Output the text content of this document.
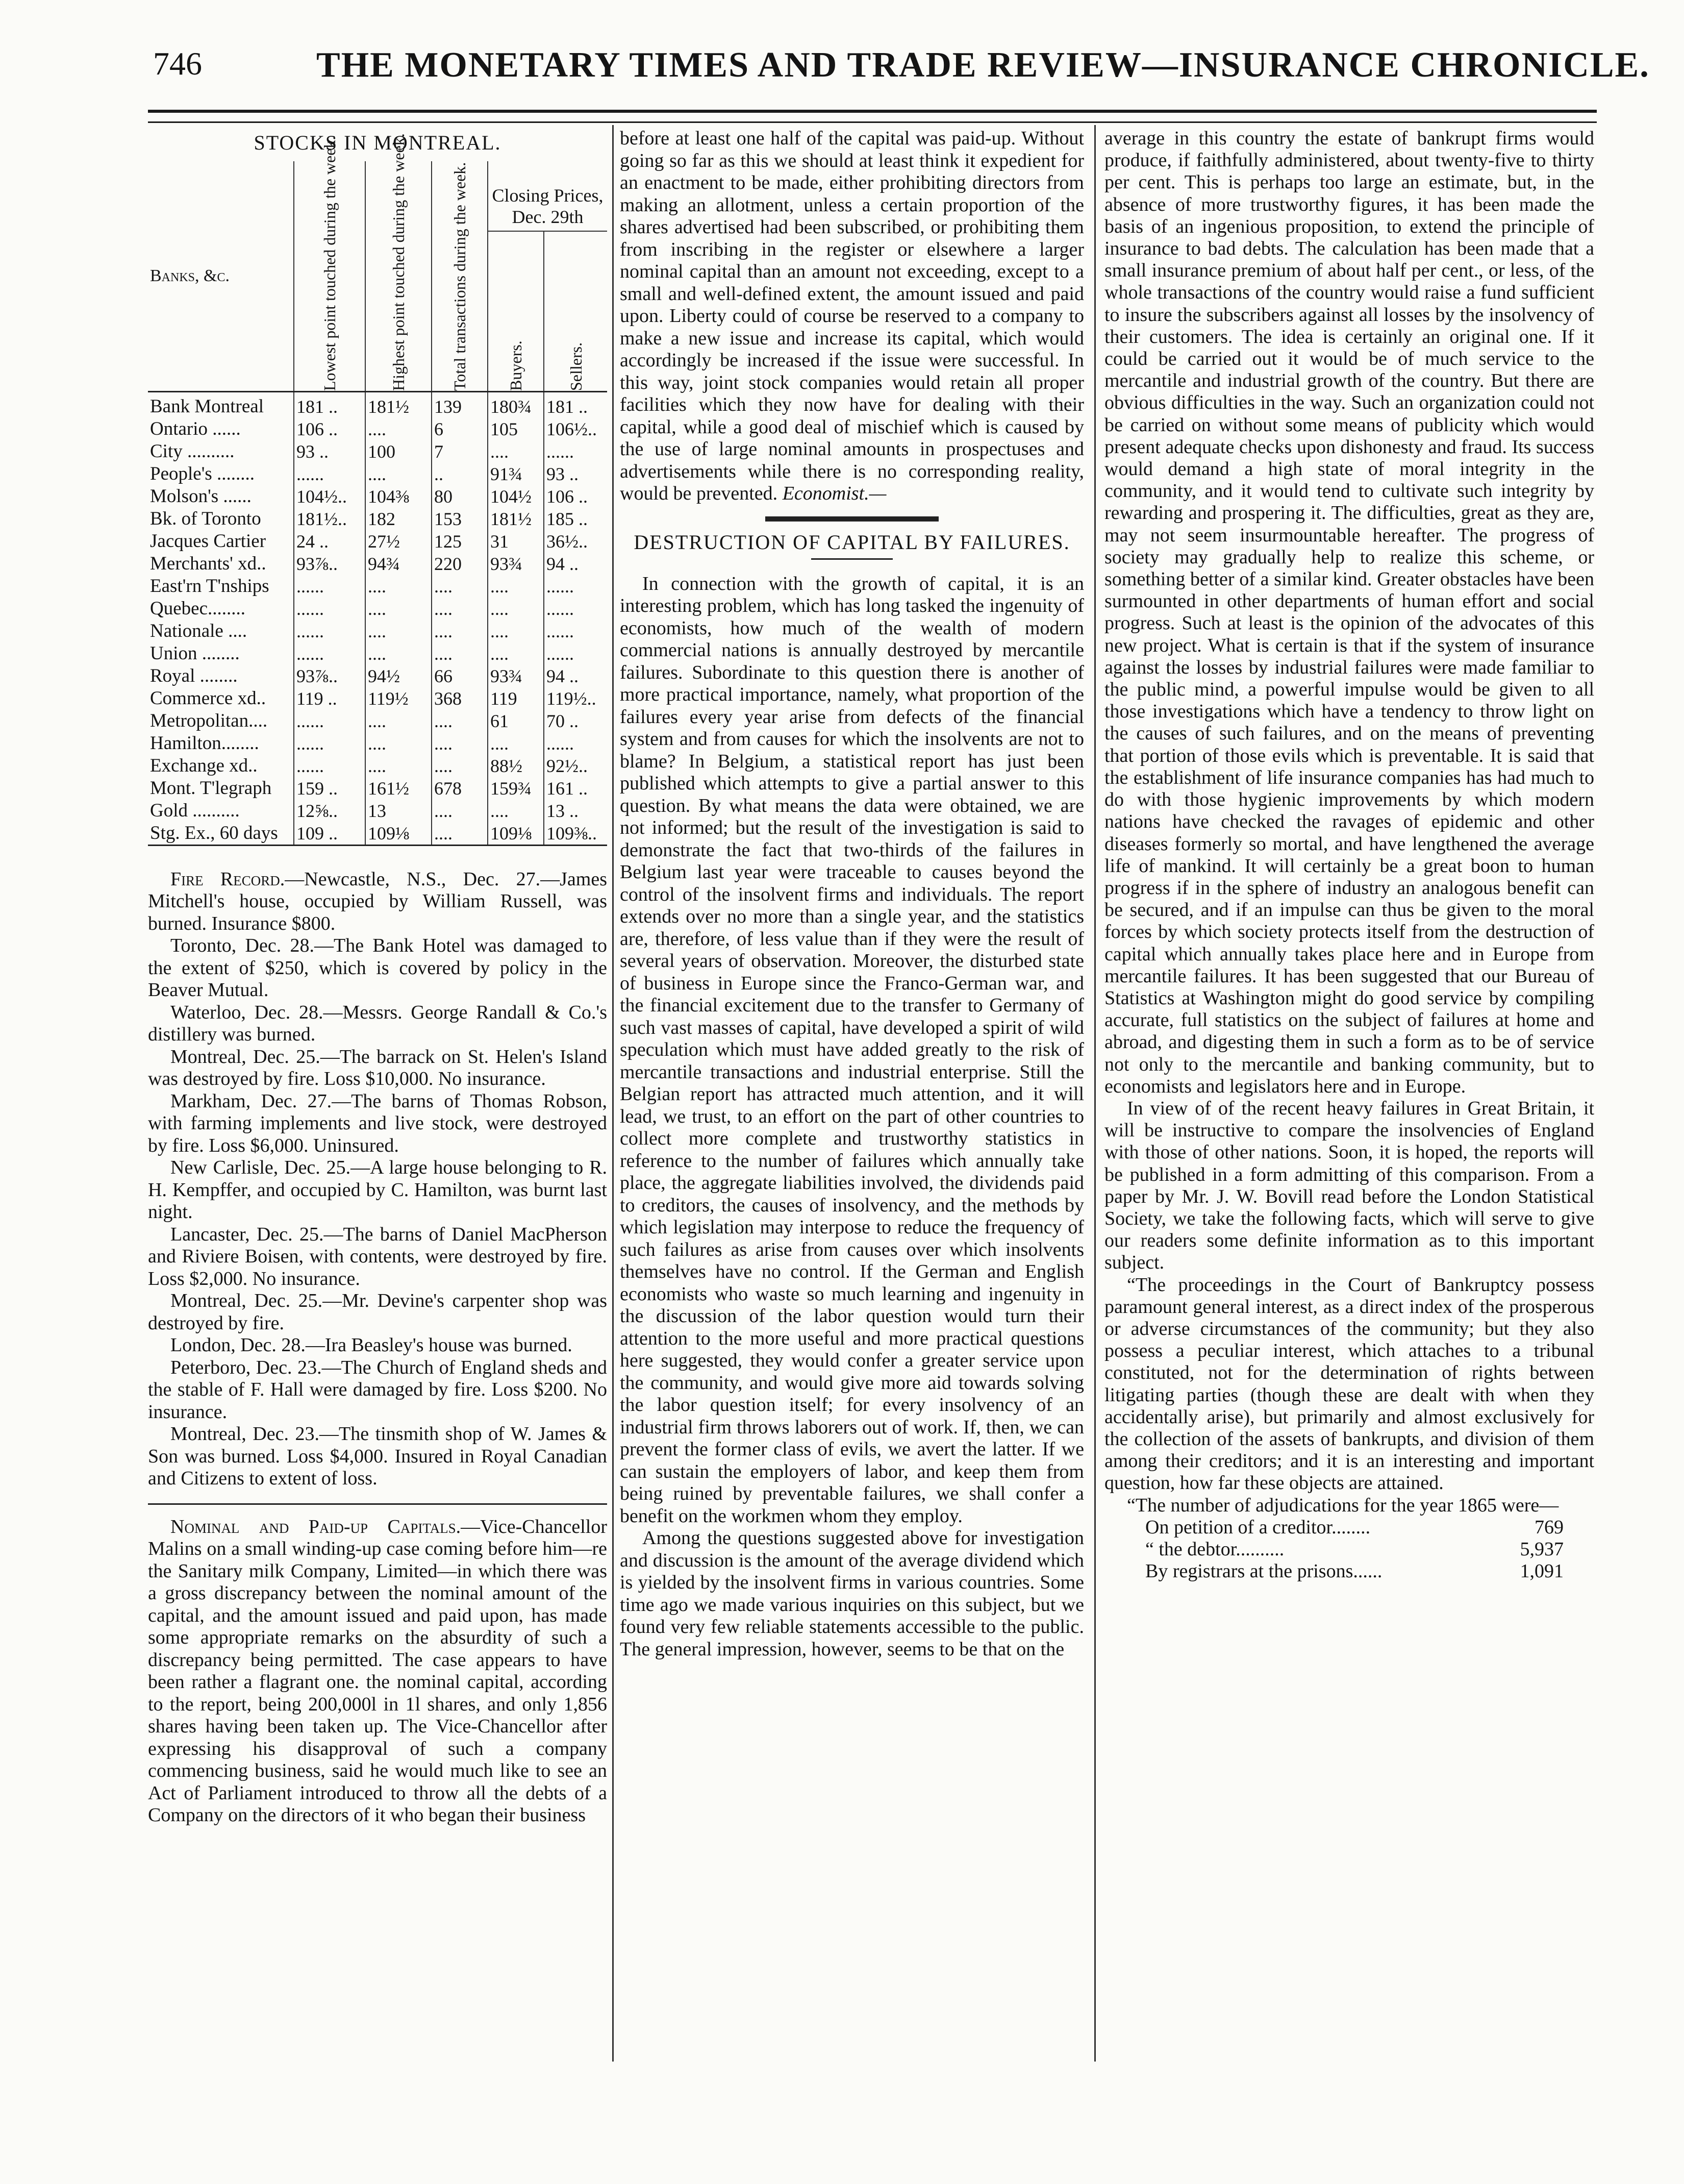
746	THE MONETARY TIMES AND TRADE REVIEW—INSURANCE CHRONICLE.
STOCKS IN MONTREAL.
Banks, &c.	Lowest point touched during the week.	Highest point touched during the week.	Total transactions during the week.	Closing Prices, Dec. 29th	

				Buyers.	Sellers.

Bank Montreal	181 ..	181½	139	180¾	181 ..
Ontario ......	106 ..	....	6	105	106½..
City ..........	93 ..	100	7	....	......
People's ........	......	....	..	91¾	93 ..
Molson's ......	104½..	104⅜	80	104½	106 ..
Bk. of Toronto	181½..	182	153	181½	185 ..
Jacques Cartier	24 ..	27½	125	31	36½..
Merchants' xd..	93⅞..	94¾	220	93¾	94 ..
East'rn T'nships	......	....	....	....	......
Quebec........	......	....	....	....	......
Nationale ....	......	....	....	....	......
Union ........	......	....	....	....	......
Royal ........	93⅞..	94½	66	93¾	94 ..
Commerce xd..	119 ..	119½	368	119	119½..
Metropolitan....	......	....	....	61	70 ..
Hamilton........	......	....	....	....	......
Exchange xd..	......	....	....	88½	92½..
Mont. T'legraph	159 ..	161½	678	159¾	161 ..
Gold ..........	12⅝..	13	....	....	13 ..
Stg. Ex., 60 days	109 ..	109⅛	....	109⅛	109⅜..

Fire Record.—Newcastle, N.S., Dec. 27.—James Mitchell's house, occupied by William Russell, was burned. Insurance $800.

Toronto, Dec. 28.—The Bank Hotel was damaged to the extent of $250, which is covered by policy in the Beaver Mutual.

Waterloo, Dec. 28.—Messrs. George Randall & Co.'s distillery was burned.

Montreal, Dec. 25.—The barrack on St. Helen's Island was destroyed by fire. Loss $10,000. No insurance.

Markham, Dec. 27.—The barns of Thomas Robson, with farming implements and live stock, were destroyed by fire. Loss $6,000. Uninsured.

New Carlisle, Dec. 25.—A large house belonging to R. H. Kempffer, and occupied by C. Hamilton, was burnt last night.

Lancaster, Dec. 25.—The barns of Daniel MacPherson and Riviere Boisen, with contents, were destroyed by fire. Loss $2,000. No insurance.

Montreal, Dec. 25.—Mr. Devine's carpenter shop was destroyed by fire.

London, Dec. 28.—Ira Beasley's house was burned.

Peterboro, Dec. 23.—The Church of England sheds and the stable of F. Hall were damaged by fire. Loss $200. No insurance.

Montreal, Dec. 23.—The tinsmith shop of W. James & Son was burned. Loss $4,000. Insured in Royal Canadian and Citizens to extent of loss.

Nominal and Paid-up Capitals.—Vice-Chancellor Malins on a small winding-up case coming before him—re the Sanitary milk Company, Limited—in which there was a gross discrepancy between the nominal amount of the capital, and the amount issued and paid upon, has made some appropriate remarks on the absurdity of such a discrepancy being permitted. The case appears to have been rather a flagrant one. the nominal capital, according to the report, being 200,000l in 1l shares, and only 1,856 shares having been taken up. The Vice-Chancellor after expressing his disapproval of such a company commencing business, said he would much like to see an Act of Parliament introduced to throw all the debts of a Company on the directors of it who began their business

before at least one half of the capital was paid-up. Without going so far as this we should at least think it expedient for an enactment to be made, either prohibiting directors from making an allotment, unless a certain proportion of the shares advertised had been subscribed, or prohibiting them from inscribing in the register or elsewhere a larger nominal capital than an amount not exceeding, except to a small and well-defined extent, the amount issued and paid upon. Liberty could of course be reserved to a company to make a new issue and increase its capital, which would accordingly be increased if the issue were successful. In this way, joint stock companies would retain all proper facilities which they now have for dealing with their capital, while a good deal of mischief which is caused by the use of large nominal amounts in prospectuses and advertisements while there is no corresponding reality, would be prevented. Economist.—

DESTRUCTION OF CAPITAL BY FAILURES.

In connection with the growth of capital, it is an interesting problem, which has long tasked the ingenuity of economists, how much of the wealth of modern commercial nations is annually destroyed by mercantile failures. Subordinate to this question there is another of more practical importance, namely, what proportion of the failures every year arise from defects of the financial system and from causes for which the insolvents are not to blame? In Belgium, a statistical report has just been published which attempts to give a partial answer to this question. By what means the data were obtained, we are not informed; but the result of the investigation is said to demonstrate the fact that two-thirds of the failures in Belgium last year were traceable to causes beyond the control of the insolvent firms and individuals. The report extends over no more than a single year, and the statistics are, therefore, of less value than if they were the result of several years of observation. Moreover, the disturbed state of business in Europe since the Franco-German war, and the financial excitement due to the transfer to Germany of such vast masses of capital, have developed a spirit of wild speculation which must have added greatly to the risk of mercantile transactions and industrial enterprise. Still the Belgian report has attracted much attention, and it will lead, we trust, to an effort on the part of other countries to collect more complete and trustworthy statistics in reference to the number of failures which annually take place, the aggregate liabilities involved, the dividends paid to creditors, the causes of insolvency, and the methods by which legislation may interpose to reduce the frequency of such failures as arise from causes over which insolvents themselves have no control. If the German and English economists who waste so much learning and ingenuity in the discussion of the labor question would turn their attention to the more useful and more practical questions here suggested, they would confer a greater service upon the community, and would give more aid towards solving the labor question itself; for every insolvency of an industrial firm throws laborers out of work. If, then, we can prevent the former class of evils, we avert the latter. If we can sustain the employers of labor, and keep them from being ruined by preventable failures, we shall confer a benefit on the workmen whom they employ.

Among the questions suggested above for investigation and discussion is the amount of the average dividend which is yielded by the insolvent firms in various countries. Some time ago we made various inquiries on this subject, but we found very few reliable statements accessible to the public. The general impression, however, seems to be that on the

average in this country the estate of bankrupt firms would produce, if faithfully administered, about twenty-five to thirty per cent. This is perhaps too large an estimate, but, in the absence of more trustworthy figures, it has been made the basis of an ingenious proposition, to extend the principle of insurance to bad debts. The calculation has been made that a small insurance premium of about half per cent., or less, of the whole transactions of the country would raise a fund sufficient to insure the subscribers against all losses by the insolvency of their customers. The idea is certainly an original one. If it could be carried out it would be of much service to the mercantile and industrial growth of the country. But there are obvious difficulties in the way. Such an organization could not be carried on without some means of publicity which would present adequate checks upon dishonesty and fraud. Its success would demand a high state of moral integrity in the community, and it would tend to cultivate such integrity by rewarding and prospering it. The difficulties, great as they are, may not seem insurmountable hereafter. The progress of society may gradually help to realize this scheme, or something better of a similar kind. Greater obstacles have been surmounted in other departments of human effort and social progress. Such at least is the opinion of the advocates of this new project. What is certain is that if the system of insurance against the losses by industrial failures were made familiar to the public mind, a powerful impulse would be given to all those investigations which have a tendency to throw light on the causes of such failures, and on the means of preventing that portion of those evils which is preventable. It is said that the establishment of life insurance companies has had much to do with those hygienic improvements by which modern nations have checked the ravages of epidemic and other diseases formerly so mortal, and have lengthened the average life of mankind. It will certainly be a great boon to human progress if in the sphere of industry an analogous benefit can be secured, and if an impulse can thus be given to the moral forces by which society protects itself from the destruction of capital which annually takes place here and in Europe from mercantile failures. It has been suggested that our Bureau of Statistics at Washington might do good service by compiling accurate, full statistics on the subject of failures at home and abroad, and digesting them in such a form as to be of service not only to the mercantile and banking community, but to economists and legislators here and in Europe.

In view of of the recent heavy failures in Great Britain, it will be instructive to compare the insolvencies of England with those of other nations. Soon, it is hoped, the reports will be published in a form admitting of this comparison. From a paper by Mr. J. W. Bovill read before the London Statistical Society, we take the following facts, which will serve to give our readers some definite information as to this important subject.

“The proceedings in the Court of Bankruptcy possess paramount general interest, as a direct index of the prosperous or adverse circumstances of the community; but they also possess a peculiar interest, which attaches to a tribunal constituted, not for the determination of rights between litigating parties (though these are dealt with when they accidentally arise), but primarily and almost exclusively for the collection of the assets of bankrupts, and division of them among their creditors; and it is an interesting and important question, how far these objects are attained.

“The number of adjudications for the year 1865 were—

On petition of a creditor........	769
“ the debtor..........	5,937
By registrars at the prisons......	1,091
